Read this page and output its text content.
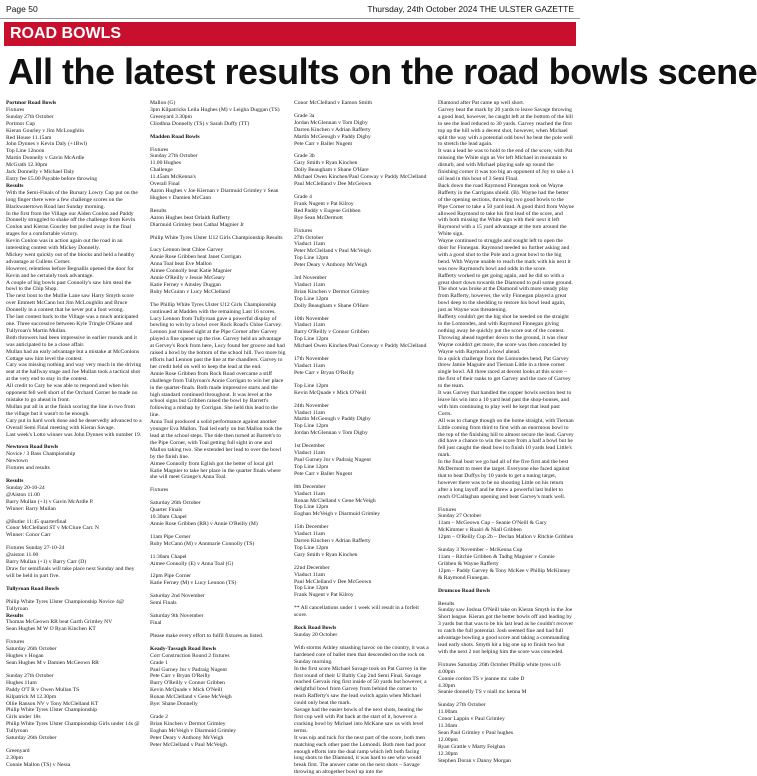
Page 50	Thursday, 24th October 2024 THE ULSTER GAZETTE
ROAD BOWLS
All the latest results on the road bowls scene

Portmor Road Bowls

Fixtures

Sunday 27th October

Portmor Cup

Kieran Gourley v Jim McLoughlin

Red House 11.15am

John Dynnes v Kevin Daly (+1Bwl)

Top Line 12noon

Martin Donnelly v Gavin McArdle

McGrath 12.30pm

Jack Donnelly v Michael Daly

Entry fee £5.00 Payable before throwing

Results

With the Semi-Finals of the Bursary Lowry Cup put on the long finger there were a few challenge scores on the Blackwatertown Road last Sunday morning.

In the first from the Village our Aiden Conlon and Paddy Donnelly struggled to shake off the challenge from Kevin Conlon and Kieran Gourley but pulled away in the final stages for a comfortable victory.

Kevin Conlon was in action again out the road in an interesting contest with Mickey Donnelly.

Mickey went quickly out of the blocks and held a healthy advantage at Cullens Corner.

However, relentless before Begnallis opened the door for Kevin and he certainly took advantage.

A couple of big bowls past Connolly's saw him steal the bowl to the Chip Shop.

The next bout to the Mullie Lane saw Harry Smyth score over Emmett McCann but Jim McLoughlin and Bruce Donnelly in a contest that he never put a foot wrong.

The last contest back to the Village was a much anticipated one. Three successive between Kyle Tringle O'Kane and Tullyroan's Martin Mullan.

Both throwers had been impressive in earlier rounds and it was anticipated to be a close affair.

Mullan had an early advantage but a mistake at McConlons Cottage saw him level the contest.

Cary was missing nothing and way very much in the driving seat at the halfway stage and Joe Mullan took a tactical shot at the very end to stay in the contest.

All credit to Cary he was able to respond and when his opponent fell well short of the Orchard Corner he made no mistake to go ahead in front.

Mullan put all in at the finish scoring the line in two from the village but it wasn't to be enough.

Cary put in hard work done and he deservedly advanced to a Overall Semi Final meeting with Kieran Savage.

Last week's Lotto winner was John Dynnes with number 19.

Newtown Road Bowls

Novice / 3 Bass Championship

Newtown

Fixtures and results

Results

Sunday 20-10-24

@Aiston 11.00

Barry Mullan (+1) v Gavin McArdle P.

Winner: Barry Mullan

@Butler 11:45 quarterfinal

Conor McClelland ST v McClure Carr. N

Winner: Conor Carr

Fixtures Sunday 27-10-24

@aiston 11.00

Barry Mullan (+1) v Barry Carr (D)

Draw for semifinals will take place next Sunday and they will be held in part five.

Tullyroan Road Bowls

Philip White Tyres Ulster Championship Novice 4@ Tullyroan

Results

Thomas McGeown RR beat Garth Grimley NV

Sean Hughes M W O Ryan Kinchen KT

Fixtures

Saturday 26th October

Hughes v Hogan

Sean Hughes M v Damien McGeown RR

Sunday 27th October

Hughes 11am

Paddy O'T R v Owen Mullan TS

Kilpatrick M 12.30pm

Ollie Ranson NV v Tony McClelland KT

Philip White Tyres Ulster Championship

Girls under 18s

Philip White Tyres Ulster Championship Girls under 14s @ Tullyroan

Saturday 26th October

Greenyard

2.30pm

Connie Mallon (TS) v Nessa

Mallon (G)

3pm Kilpatricks Leila Hughes (M) v Leigha Duggan (TS)

Greenyard 3.30pm

Cliodhna Donnelly (TS) v Sarah Duffy (TT)

Madden Road Bowls

Fixtures

Sunday 27th October

11.00 Hughes

Challenge

11.45am McKenna's

Overall Final

Aaron Hughes v Joe Kiernan v Diarmuid Grimley v Sean Hughes v Damien McCann

Results

Aaron Hughes beat Orlaith Rafferty

Diarmuid Grimley beat Cathal Magnier Jr

Philip White Tyres Ulster U12 Girls Championship Results

Lucy Lennon beat Chloe Garvey

Annie Rose Gribben beat Janet Corrigan

Anna Toal beat Eve Mallon

Aimee Connolly beat Katie Magnier

Annie O'Reilly v Jessie McGeary

Katie Ferney v Ainsley Duggan

Ruby McGuinn v Lucy McClelland

The Phillip White Tyres Ulster U12 Girls Championship continued at Madden with the remaining Last 16 scores.

Lucy Lennon from Tullyroan gave a powerful display of bowling to win by a bowl over Rock Road's Chloe Garvey.

Lennon just missed sight at the Pipe Corner after Garvey played a fine opener up the rise. Garvey held an advantage at Gervey's Rock from here, Lucy found her groove and had raised a bowl by the bottom of the school hill. Two more big efforts had Lennon past the line at the chandlers. Garvey to her credit held on well to keep the lead at the end.

Annie Rose Gribben from Rock Road overcame a stiff challenge from Tullyroan's Annie Corrigan to win her place in the quarter-finals. Both made impressive starts and the high standard continued throughout. It was level at the school signs but Gribben raised the bowl by Barrett's following a mishap by Corrigan. She held this lead to the line.

Anna Toal produced a solid performance against another younger Eva Mallon. Toal led early on but Mallon took the lead at the school steps. The tide then turned at Barrett's to the Pipe Corner, with Toal getting full sight in one and Mallon taking two. She extended her lead to over the bowl by the finish line.

Aimee Connolly from Eglish got the better of local girl Katie Magnier to take her place in the quarter finals where she will meet Grange's Anna Toal.

Fixtures

Saturday 26th October

Quarter Finals

10.30am Chapel

Annie Rose Gribben (RR) v Annie O'Reilly (M)

11am Pipe Corner

Ruby McCann (M) v Annmarie Connolly (TS)

11:30am Chapel

Aimee Connolly (E) v Anna Toal (G)

12pm Pipe Corner

Katie Ferney (M) v Lucy Lennon (TS)

Saturday 2nd November

Semi Finals

Saturday 9th November

Final

Please make every effort to fulfil fixtures as listed.

Keady-Tassagh Road Bowls

Corr Construction Round 2 fixtures

Grade 1

Paul Gurney Jnr v Padraig Nugent

Pete Carr v Bryan O'Reilly

Barry O'Reilly v Connor Gribben

Kevin McQuade v Mick O'Neill

Ronan McClelland v Gene McVeigh

Bye: Shane Donnelly

Grade 2

Brian Kinchen v Dermot Grimley

Eoghan McVeigh v Diarmuid Grimley

Peter Deary v Anthony McVeigh

Peter McClelland v Paul McVeigh

Conor McClelland v Eamon Smith

Grade 3a

Jordan McGlennan v Tom Digby

Darren Kinchen v Adrian Rafferty

Martin McGeough v Paddy Digby

Pete Carr v Baller Nugent

Grade 3b

Gary Smith v Ryan Kinchen

Dolly Beaugham v Shane O'Hare

Michael Owen Kinchen/Paul Conway v Paddy McClelland

Paul McClelland v Dee McGeown

Grade 4

Frank Nugent v Pat Kilroy

Red Paddy v Eugene Gribben

Bye Sean McDermott

Fixtures

27th October

Viaduct 11am

Peter McClelland v Paul McVeigh

Top Line 12pm

Peter Deary v Anthony McVeigh

3rd November

Viaduct 11am

Brian Kinchen v Dermot Grimley

Top Line 12pm

Dolly Beaugham v Shane O'Hare

10th November

Viaduct 11am

Barry O'Reilly v Connor Gribben

Top Line 12pm

Michael Owen Kinchen/Paul Conway v Paddy McClelland

17th November

Viaduct 11am

Pete Carr v Bryan O'Reilly

Top Line 12pm

Kevin McQuade v Mick O'Neill

24th November

Viaduct 11am

Martin McGeough v Paddy Digby

Top Line 12pm

Jordan McGlennan v Tom Digby

1st December

Viaduct 11am

Paul Gurney Jnr v Padraig Nugent

Top Line 12pm

Pete Carr v Baller Nugent

8th December

Viaduct 11am

Ronan McClelland v Gene McVeigh

Top Line 12pm

Eoghan McVeigh v Diarmuid Grimley

15th December

Viaduct 11am

Darren Kinchen v Adrian Rafferty

Top Line 12pm

Gary Smith v Ryan Kinchen

22nd December

Viaduct 11am

Paul McClelland v Dee McGeown

Top Line 12pm

Frank Nugent v Pat Kilroy

** All cancellations under 1 week will result in a forfeit score.

Rock Road Bowls

Sunday 20 October

With storms Ashley smashing havoc on the country, it was a hardened core of ballet men that descended on the rock on Sunday morning.

In the first score Michael Savage took on Pat Garvey in the first round of their U Baltly Cup 2nd Semi Final. Savage reached Gervais ring first inside of 50 yards but however, a delightful bowl from Garvey from behind the corner to reach Rafferty's saw the lead switch again when Michael could only beat the mark.

Savage had the easier bowls of the next shots, beating the first cup well with Pat back at the start of it, however a cracking bowl by Michael into McKane saw us with level terms.

It was nip and tuck for the next part of the score, both men matching each other past the Lomondi. Both men had poor enough efforts into the dual ramp which left both facing long shots to the Diamond, it was hard to see who would break first. The answer came on the next shots – Savage throwing an altogether bowl up into the

Diamond after Pat came up well short.

Garvey beat the mark by 20 yards to leave Savage throwing a good lead, however, he caught left at the bottom of the hill to see the lead reduced to 30 yards. Garvey reached the first top up the hill with a decent shot, however, when Michael split the way with a potential odd bowl he beat the pole well to stretch the lead again.

It was a lead he was to hold to the end of the score, with Pat missing the White sign as Ver left Michael in mountain to disturb, and with Michael playing safe up round the finishing corner it was too big an opponent of Joy to take a 1 oil lead in this bout of 3 Semi Final.

Back down the road Raymond Finnegan took on Wayne Rafferty in the Carrigans shield. (B). Wayne had the better of the opening sections, throwing two good bowls to the Pipe Corner to take a 50 yard lead. A good third from Wayne allowed Raymond to take his first lead of the score, and with both missing the White sign with their next it left Raymond with a 15 yard advantage at the turn around the White sign.

Wayne continued to struggle and sought left to open the door for Finnegan. Raymond needed no further asking and with a good shot to the Pole and a great bowl to the big bend. With Wayne unable to reach the mark with his next it was now Raymond's bowl and odds in the score.

Rafferty worked to get going again, and he did so with a great short down towards the Diamond to pull some ground. The shot was broke at the Diamond with more steady play from Rafferty, however, the wily Finnegan played a great bowl deep to the shedding to restore his bowl lead again, just as Wayne was threatening.

Rafferty couldn't get the big shot he needed on the straight to the Lomondes, and with Raymond Finnegan giving nothing away he quickly put the score out of the contest. Throwing ahead together down to the ground, it was clear Wayne couldn't get more, the score was then conceded by Wayne with Raymond a bowl ahead.

In a quick challenge from the Lomondes bend, Pat Garvey threw Jamie Maguire and Tiernan Little in a three corner single bowl. All three raced at decent looks at this score – the first of their ranks to get Garvey and the race of Garvey to the team.

It was Garvey that handled the copper bowls section best to leave his win into a 10 yard lead past the shop-houses, and with him continuing to play well he kept that lead past Corrs.

All was to change though on the home straight, with Tiernan Little coming from third to first with an enormous bowl to the top of the finishing hill to almost secure the lead. Garvey did have a chance to win the score from a half a bowl but he fell just caught the dead bowl to finish 10 yards lead Little's mark.

In the final bout we go had all of the five first and the best McDermott to meet the target. Everyone else faced against that to beat Duffys by 10 yards to get a tuning target, however there was to be no shooting Little on his return after a long layoff and he threw a powerful last bullet to reach O'Callaghan opening and beat Garvey's mark well.

Fixtures

Sunday 27 October

11am – McGeown Cup – Seanie O'Neill & Gary McKimmer v Ruairi & Niall Gribben

12pm – O'Reilly Cup 2b – Declan Mallon v Ritchie Gribben

Sunday 3 November – McKenna Cup

11am – Ritchie Gribben & Tadhg Magnier v Connie Gribben & Wayne Rafferty

12pm – Paddy Garvey & Tony McKee v Phillip McKinney & Raymond Finnegan.

Drumcoo Road Bowls

Results

Sunday saw Joshua O'Neill take on Kieran Smyth in the Joe Short league. Kieran got the better bowls off and leading by 3 yards but that was to be his last lead as he couldn't recover to catch the full potential. Josh seemed fine and had full advantage bowling a good score and taking a commanding lead early shots. Smyth hit a big one up to finish two but with the next 2 not helping him the score was conceded.

Fixtures Saturday 26th October Phillip white tyres u16

4.00pm

Connie cordon TS v jeanne mc cabe D

4.30pm

Seanie donnelly TS v niall mc kenna M

Sunday 27th October

11.00am

Conor Lappin v Paul Grimley

11.30am

Sean Paul Grimley v Paul hughes

12.00pm

Ryan Grattle v Marty Feighan

12.30pm

Stephen Doran v Danny Morgan
